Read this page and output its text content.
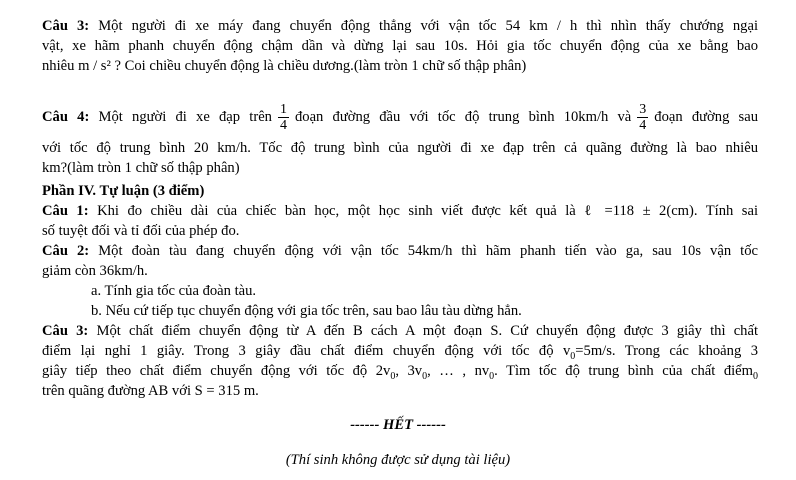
Câu 3: Một người đi xe máy đang chuyển động thẳng với vận tốc 54 km / h thì nhìn thấy chướng ngại
vật, xe hãm phanh chuyển động chậm dần và dừng lại sau 10s. Hỏi gia tốc chuyển động của xe bằng bao
nhiêu m / s² ? Coi chiều chuyển động là chiều dương.(làm tròn 1 chữ số thập phân)
Câu 4: Một người đi xe đạp trên $\frac{1}{4}$ đoạn đường đầu với tốc độ trung bình 10km/h và $\frac{3}{4}$ đoạn đường sau
với tốc độ trung bình 20 km/h. Tốc độ trung bình của người đi xe đạp trên cả quãng đường là bao nhiêu
km?(làm tròn 1 chữ số thập phân)
Phần IV. Tự luận (3 điểm)
Câu 1: Khi đo chiều dài của chiếc bàn học, một học sinh viết được kết quả là ℓ =118 ± 2(cm). Tính sai
số tuyệt đối và tỉ đối của phép đo.
Câu 2: Một đoàn tàu đang chuyển động với vận tốc 54km/h thì hãm phanh tiến vào ga, sau 10s vận tốc
giảm còn 36km/h.
a. Tính gia tốc của đoàn tàu.
b. Nếu cứ tiếp tục chuyển động với gia tốc trên, sau bao lâu tàu dừng hẳn.
Câu 3: Một chất điểm chuyển động từ A đến B cách A một đoạn S. Cứ chuyển động được 3 giây thì chất
điểm lại nghỉ 1 giây. Trong 3 giây đầu chất điểm chuyển động với tốc độ $v_0=5m/s$. Trong các khoảng 3
giây tiếp theo chất điểm chuyển động với tốc độ $2v_0$, $3v_0$, … , $nv_0$. Tìm tốc độ trung bình của chất điểm$_0$
trên quãng đường AB với S = 315 m.
------ HẾT ------
(Thí sinh không được sử dụng tài liệu)
